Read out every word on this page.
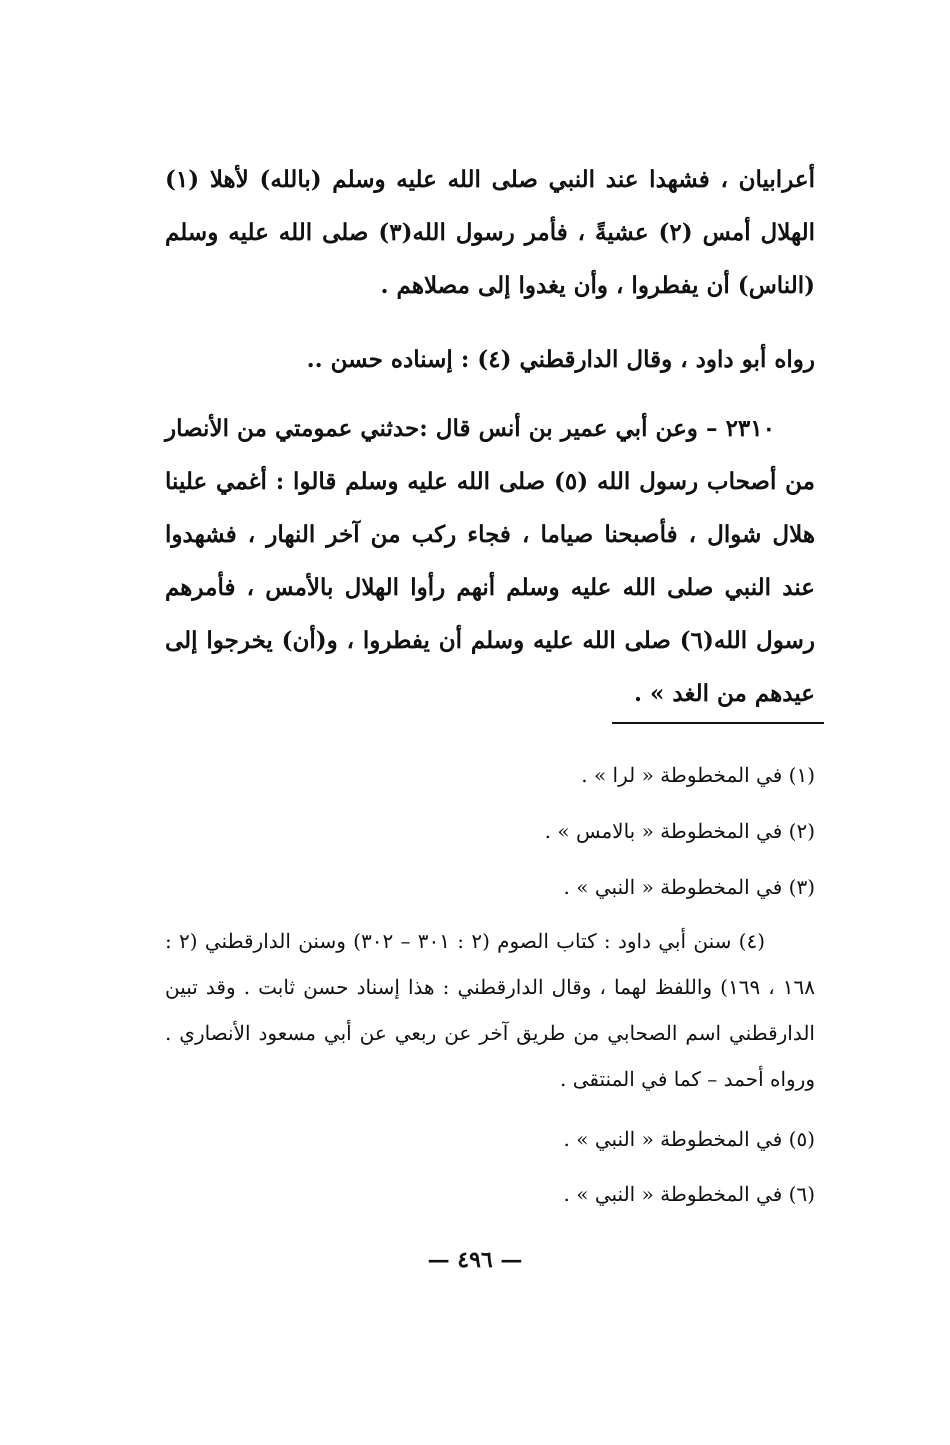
أعرابيان ، فشهدا عند النبي صلى الله عليه وسلم (بالله) لأهلا (١) الهلال أمس (٢) عشيةً ، فأمر رسول الله(٣) صلى الله عليه وسلم (الناس) أن يفطروا ، وأن يغدوا إلى مصلاهم .

رواه أبو داود ، وقال الدارقطني (٤) : إسناده حسن ..

٢٣١٠ – وعن أبي عمير بن أنس قال :حدثني عمومتي من الأنصار من أصحاب رسول الله (٥) صلى الله عليه وسلم قالوا : أغمي علينا هلال شوال ، فأصبحنا صياما ، فجاء ركب من آخر النهار ، فشهدوا عند النبي صلى الله عليه وسلم أنهم رأوا الهلال بالأمس ، فأمرهم رسول الله(٦) صلى الله عليه وسلم أن يفطروا ، و(أن) يخرجوا إلى عيدهم من الغد » .

(١) في المخطوطة « لرا » .

(٢) في المخطوطة « بالامس » .

(٣) في المخطوطة « النبي » .

(٤) سنن أبي داود : كتاب الصوم (٢ : ٣٠١ – ٣٠٢) وسنن الدارقطني (٢ : ١٦٨ ، ١٦٩) واللفظ لهما ، وقال الدارقطني : هذا إسناد حسن ثابت . وقد تبين الدارقطني اسم الصحابي من طريق آخر عن ربعي عن أبي مسعود الأنصاري . ورواه أحمد – كما في المنتقى .

(٥) في المخطوطة « النبي » .

(٦) في المخطوطة « النبي » .

— ٤٩٦ —
